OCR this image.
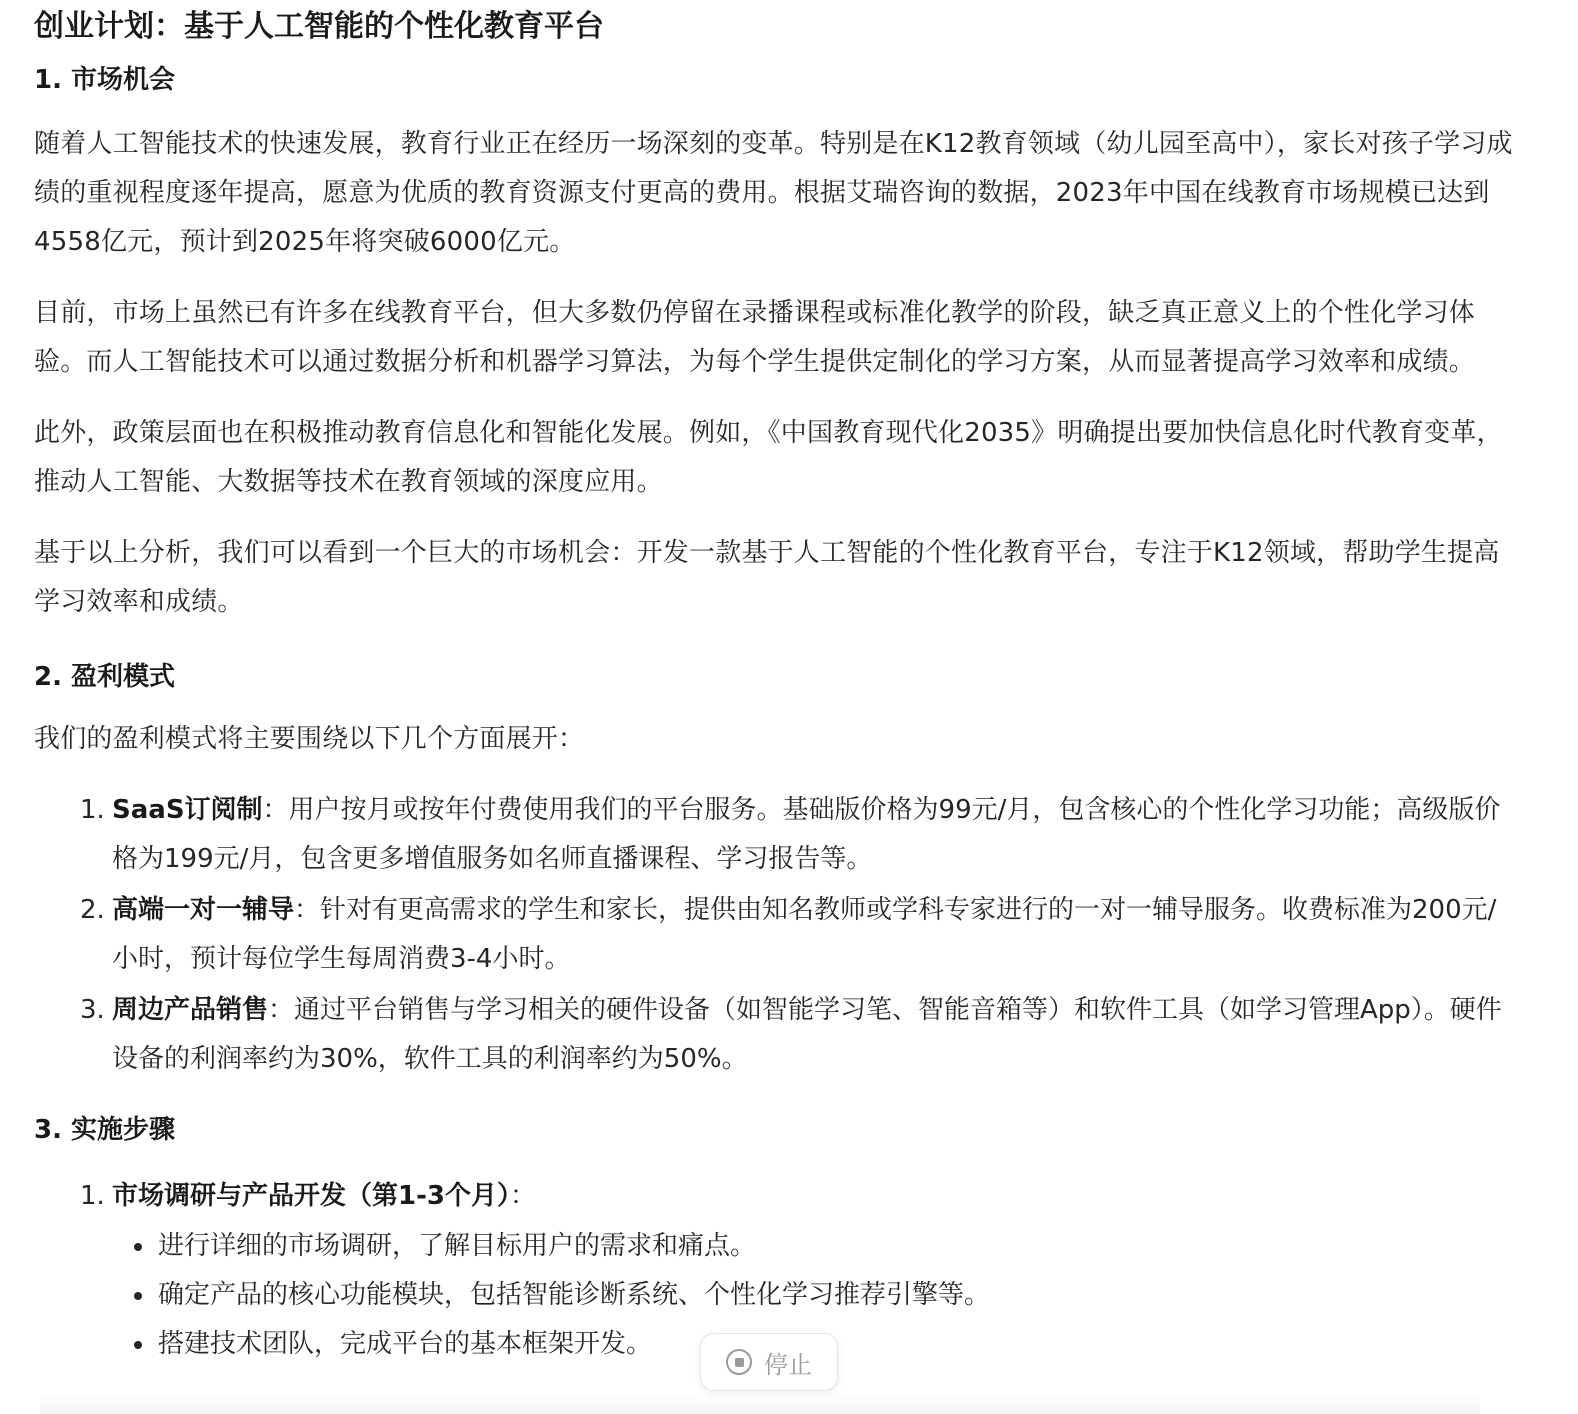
创业计划：基于人工智能的个性化教育平台
1. 市场机会

随着人工智能技术的快速发展，教育行业正在经历一场深刻的变革。特别是在K12教育领域（幼儿园至高中），家长对孩子学习成绩的重视程度逐年提高，愿意为优质的教育资源支付更高的费用。根据艾瑞咨询的数据，2023年中国在线教育市场规模已达到4558亿元，预计到2025年将突破6000亿元。

目前，市场上虽然已有许多在线教育平台，但大多数仍停留在录播课程或标准化教学的阶段，缺乏真正意义上的个性化学习体验。而人工智能技术可以通过数据分析和机器学习算法，为每个学生提供定制化的学习方案，从而显著提高学习效率和成绩。

此外，政策层面也在积极推动教育信息化和智能化发展。例如，《中国教育现代化2035》明确提出要加快信息化时代教育变革，推动人工智能、大数据等技术在教育领域的深度应用。

基于以上分析，我们可以看到一个巨大的市场机会：开发一款基于人工智能的个性化教育平台，专注于K12领域，帮助学生提高学习效率和成绩。

2. 盈利模式

我们的盈利模式将主要围绕以下几个方面展开：

1. SaaS订阅制：用户按月或按年付费使用我们的平台服务。基础版价格为99元/月，包含核心的个性化学习功能；高级版价格为199元/月，包含更多增值服务如名师直播课程、学习报告等。
2. 高端一对一辅导：针对有更高需求的学生和家长，提供由知名教师或学科专家进行的一对一辅导服务。收费标准为200元/小时，预计每位学生每周消费3-4小时。
3. 周边产品销售：通过平台销售与学习相关的硬件设备（如智能学习笔、智能音箱等）和软件工具（如学习管理App）。硬件设备的利润率约为30%，软件工具的利润率约为50%。
3. 实施步骤
1. 市场调研与产品开发（第1-3个月）：
进行详细的市场调研，了解目标用户的需求和痛点。
确定产品的核心功能模块，包括智能诊断系统、个性化学习推荐引擎等。
搭建技术团队，完成平台的基本框架开发。
停止
